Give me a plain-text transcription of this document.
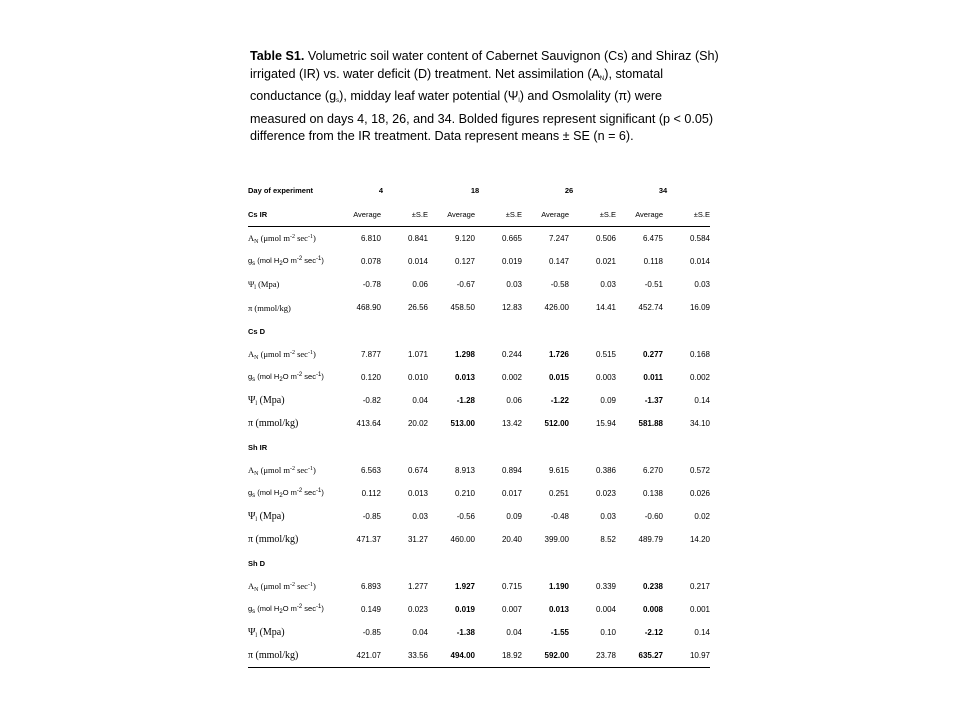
Table S1. Volumetric soil water content of Cabernet Sauvignon (Cs) and Shiraz (Sh) irrigated (IR) vs. water deficit (D) treatment. Net assimilation $(A_N)$, stomatal conductance $(g_s)$, midday leaf water potential $(\Psi_l)$ and Osmolality (π) were measured on days 4, 18, 26, and 34. Bolded figures represent significant (p < 0.05) difference from the IR treatment. Data represent means ± SE (n = 6).
Day of experiment	4		18		26		34	
Cs IR	Average	±S.E	Average	±S.E	Average	±S.E	Average	±S.E
$A_N$ (μmol $m^{-2}$ $\sec^{-1}$)	6.810	0.841	9.120	0.665	7.247	0.506	6.475	0.584
$g_s$ (mol $H_2O$ $m^{-2}$ $\sec^{-1}$)	0.078	0.014	0.127	0.019	0.147	0.021	0.118	0.014
$\Psi_l$ (Mpa)	-0.78	0.06	-0.67	0.03	-0.58	0.03	-0.51	0.03
π (mmol/kg)	468.90	26.56	458.50	12.83	426.00	14.41	452.74	16.09
Cs D								
$A_N$ (μmol $m^{-2}$ $\sec^{-1}$)	7.877	1.071	1.298	0.244	1.726	0.515	0.277	0.168
$g_s$ (mol $H_2O$ $m^{-2}$ $\sec^{-1}$)	0.120	0.010	0.013	0.002	0.015	0.003	0.011	0.002
$\Psi_l$ (Mpa)	-0.82	0.04	-1.28	0.06	-1.22	0.09	-1.37	0.14
π (mmol/kg)	413.64	20.02	513.00	13.42	512.00	15.94	581.88	34.10
Sh IR								
$A_N$ (μmol $m^{-2}$ $\sec^{-1}$)	6.563	0.674	8.913	0.894	9.615	0.386	6.270	0.572
$g_s$ (mol $H_2O$ $m^{-2}$ $\sec^{-1}$)	0.112	0.013	0.210	0.017	0.251	0.023	0.138	0.026
$\Psi_l$ (Mpa)	-0.85	0.03	-0.56	0.09	-0.48	0.03	-0.60	0.02
π (mmol/kg)	471.37	31.27	460.00	20.40	399.00	8.52	489.79	14.20
Sh D								
$A_N$ (μmol $m^{-2}$ $\sec^{-1}$)	6.893	1.277	1.927	0.715	1.190	0.339	0.238	0.217
$g_s$ (mol $H_2O$ $m^{-2}$ $\sec^{-1}$)	0.149	0.023	0.019	0.007	0.013	0.004	0.008	0.001
$\Psi_l$ (Mpa)	-0.85	0.04	-1.38	0.04	-1.55	0.10	-2.12	0.14
π (mmol/kg)	421.07	33.56	494.00	18.92	592.00	23.78	635.27	10.97
